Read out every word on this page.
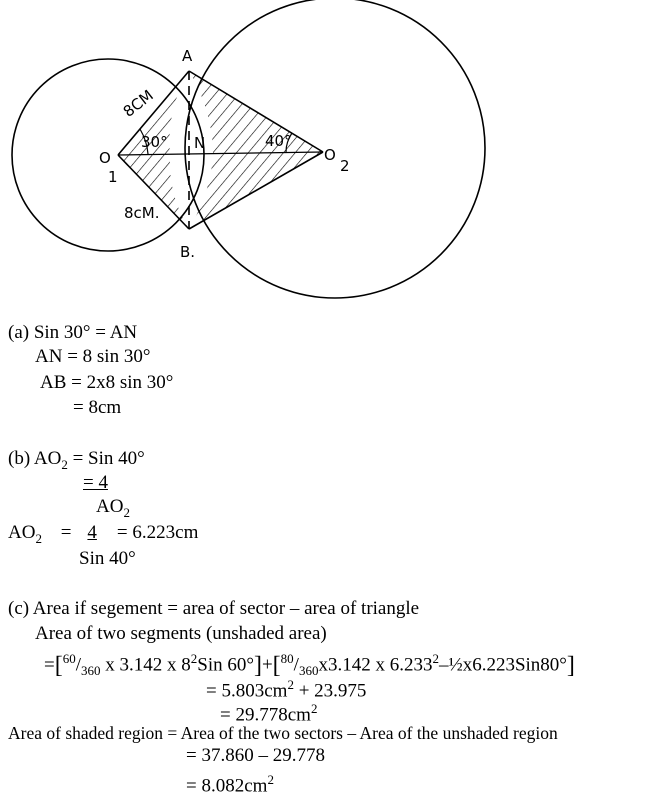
A
B.
N
O
1
O
2
8CM
8cM.
30°	40°
(a) Sin 30° = AN
AN = 8 sin 30°
AB = 2x8 sin 30°
= 8cm
(b) $AO_2$ = Sin 40°
= 4
$AO_2$
$AO_2 = 4 = 6.223cm$
Sin 40°
(c) Area if segement = area of sector – area of triangle
Area of two segments (unshaded area)
$=[^{60}/_{360}$ x 3.142 x $8^2Sin$ $60^\circ]+[^{80}/_{360}x3.142$ x $6.233^2-\frac{1}{2}x6.223Sin80^\circ$]
= $5.803cm^2 + 23.975$
= $29.778cm^2$
Area of shaded region = Area of the two sectors – Area of the unshaded region
= 37.860 – 29.778
= $8.082cm^2$
